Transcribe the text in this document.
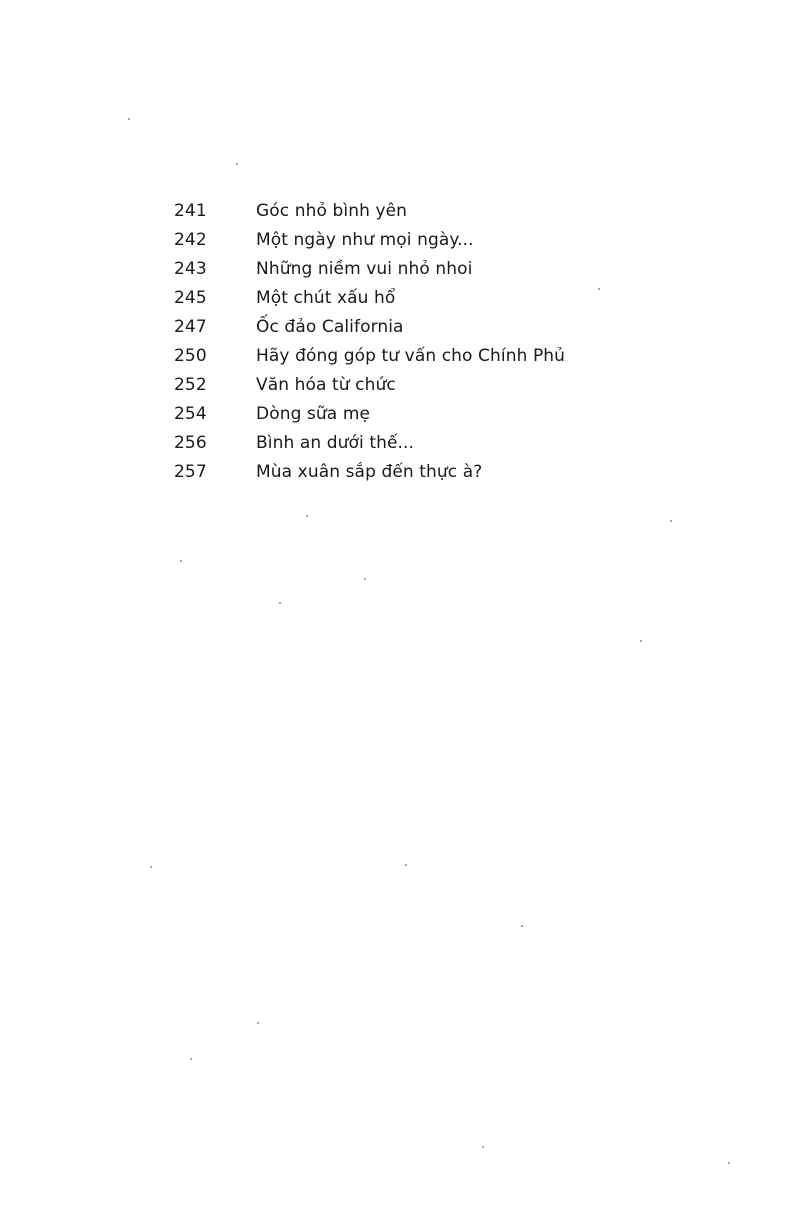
241	Góc nhỏ bình yên
242	Một ngày như mọi ngày...
243	Những niềm vui nhỏ nhoi
245	Một chút xấu hổ
247	Ốc đảo California
250	Hãy đóng góp tư vấn cho Chính Phủ
252	Văn hóa từ chức
254	Dòng sữa mẹ
256	Bình an dưới thế...
257	Mùa xuân sắp đến thực à?
